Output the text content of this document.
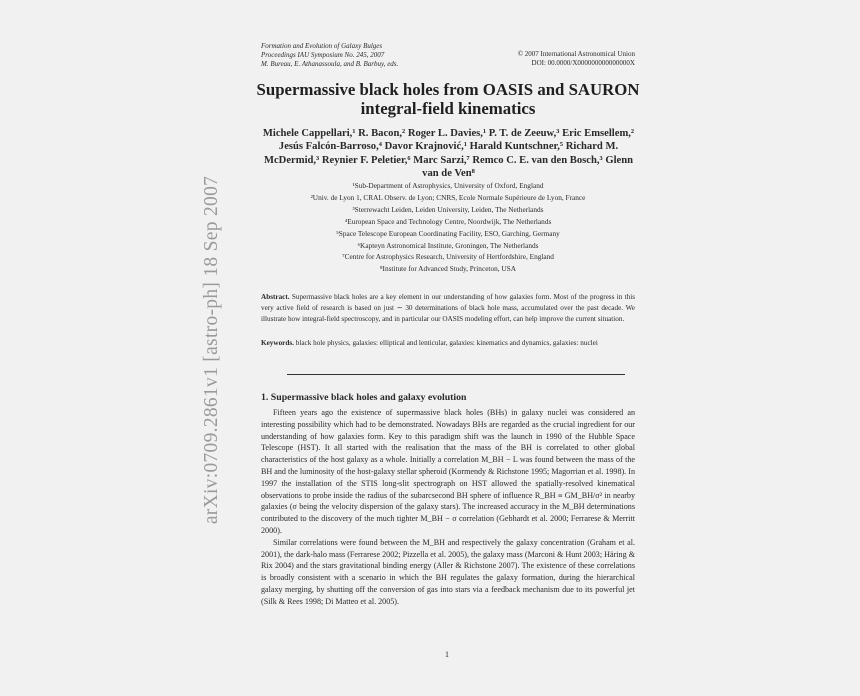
arXiv:0709.2861v1 [astro-ph] 18 Sep 2007
Formation and Evolution of Galaxy Bulges
Proceedings IAU Symposium No. 245, 2007
M. Bureau, E. Athanassoula, and B. Barbuy, eds.
© 2007 International Astronomical Union
DOI: 00.0000/X000000000000000X
Supermassive black holes from OASIS and SAURON integral-field kinematics
Michele Cappellari,¹ R. Bacon,² Roger L. Davies,¹ P. T. de Zeeuw,³ Eric Emsellem,² Jesús Falcón-Barroso,⁴ Davor Krajnović,¹ Harald Kuntschner,⁵ Richard M. McDermid,³ Reynier F. Peletier,⁶ Marc Sarzi,⁷ Remco C. E. van den Bosch,³ Glenn van de Ven⁸
¹Sub-Department of Astrophysics, University of Oxford, England
²Univ. de Lyon 1, CRAL Observ. de Lyon; CNRS, Ecole Normale Supérieure de Lyon, France
³Sterrewacht Leiden, Leiden University, Leiden, The Netherlands
⁴European Space and Technology Centre, Noordwijk, The Netherlands
⁵Space Telescope European Coordinating Facility, ESO, Garching, Germany
⁶Kapteyn Astronomical Institute, Groningen, The Netherlands
⁷Centre for Astrophysics Research, University of Hertfordshire, England
⁸Institute for Advanced Study, Princeton, USA
Abstract. Supermassive black holes are a key element in our understanding of how galaxies form. Most of the progress in this very active field of research is based on just ∼ 30 determinations of black hole mass, accumulated over the past decade. We illustrate how integral-field spectroscopy, and in particular our OASIS modeling effort, can help improve the current situation.
Keywords. black hole physics, galaxies: elliptical and lenticular, galaxies: kinematics and dynamics, galaxies: nuclei
1. Supermassive black holes and galaxy evolution

Fifteen years ago the existence of supermassive black holes (BHs) in galaxy nuclei was considered an interesting possibility which had to be demonstrated. Nowadays BHs are regarded as the crucial ingredient for our understanding of how galaxies form. Key to this paradigm shift was the launch in 1990 of the Hubble Space Telescope (HST). It all started with the realisation that the mass of the BH is correlated to other global characteristics of the host galaxy as a whole. Initially a correlation M_BH − L was found between the mass of the BH and the luminosity of the host-galaxy stellar spheroid (Kormendy & Richstone 1995; Magorrian et al. 1998). In 1997 the installation of the STIS long-slit spectrograph on HST allowed the spatially-resolved kinematical observations to probe inside the radius of the subarcsecond BH sphere of influence R_BH ≡ GM_BH/σ² in nearby galaxies (σ being the velocity dispersion of the galaxy stars). The increased accuracy in the M_BH determinations contributed to the discovery of the much tighter M_BH − σ correlation (Gebhardt et al. 2000; Ferrarese & Merritt 2000).

Similar correlations were found between the M_BH and respectively the galaxy concentration (Graham et al. 2001), the dark-halo mass (Ferrarese 2002; Pizzella et al. 2005), the galaxy mass (Marconi & Hunt 2003; Häring & Rix 2004) and the stars gravitational binding energy (Aller & Richstone 2007). The existence of these correlations is broadly consistent with a scenario in which the BH regulates the galaxy formation, during the hierarchical galaxy merging, by shutting off the conversion of gas into stars via a feedback mechanism due to its powerful jet (Silk & Rees 1998; Di Matteo et al. 2005).

1
